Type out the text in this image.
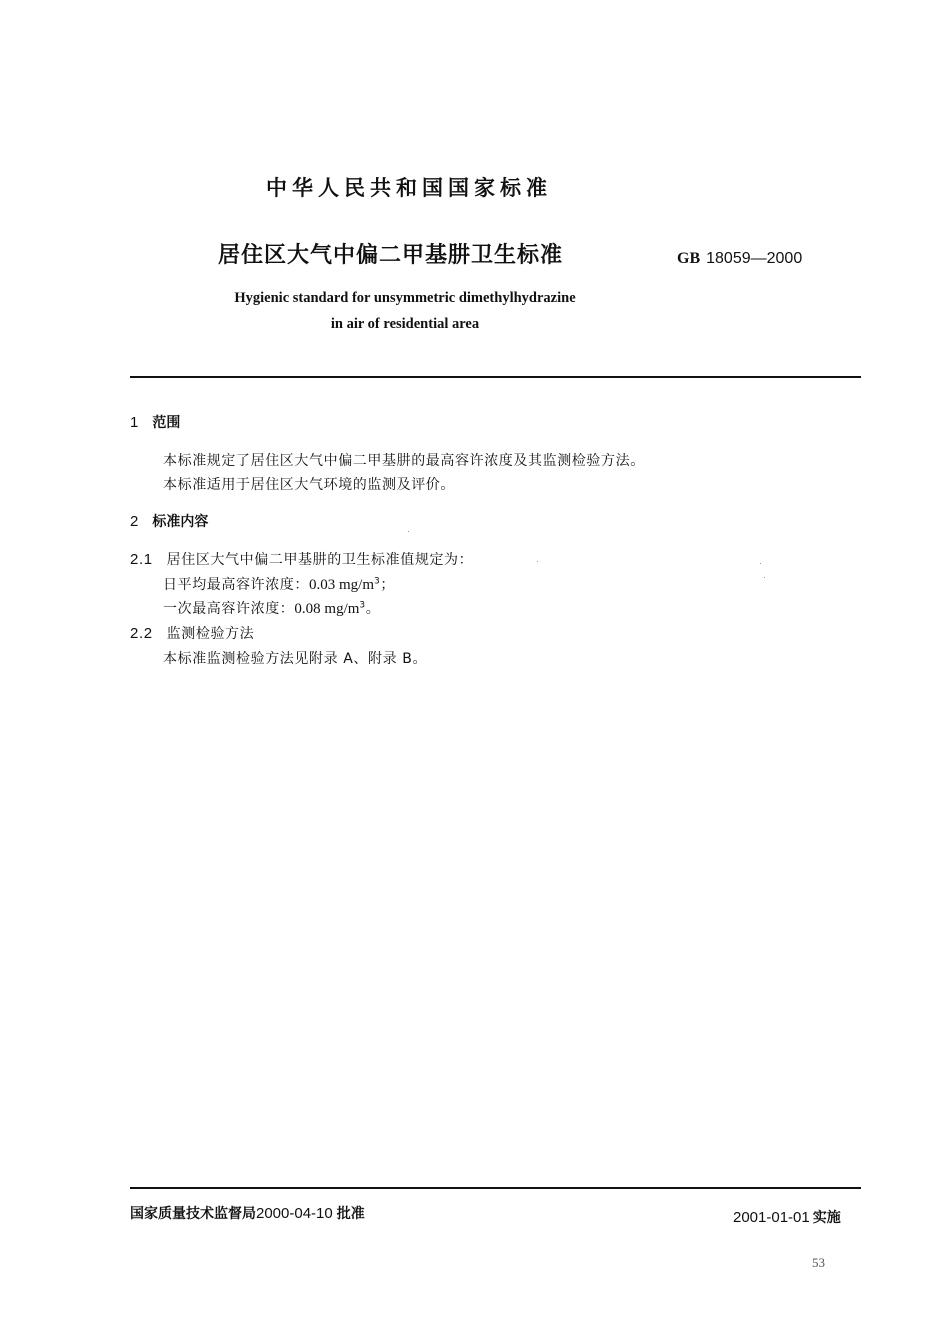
中华人民共和国国家标准
居住区大气中偏二甲基肼卫生标准	GB 18059—2000
Hygienic standard for unsymmetric dimethylhydrazine
in air of residential area
1 范围
本标准规定了居住区大气中偏二甲基肼的最高容许浓度及其监测检验方法。
本标准适用于居住区大气环境的监测及评价。
2 标准内容
2.1 居住区大气中偏二甲基肼的卫生标准值规定为：
日平均最高容许浓度：0.03 $mg/m^3$；
一次最高容许浓度：0.08 $mg/m^3$。
2.2 监测检验方法
本标准监测检验方法见附录 A、附录 B。
国家质量技术监督局2000-04-10 批准	2001-01-01 实施
53
